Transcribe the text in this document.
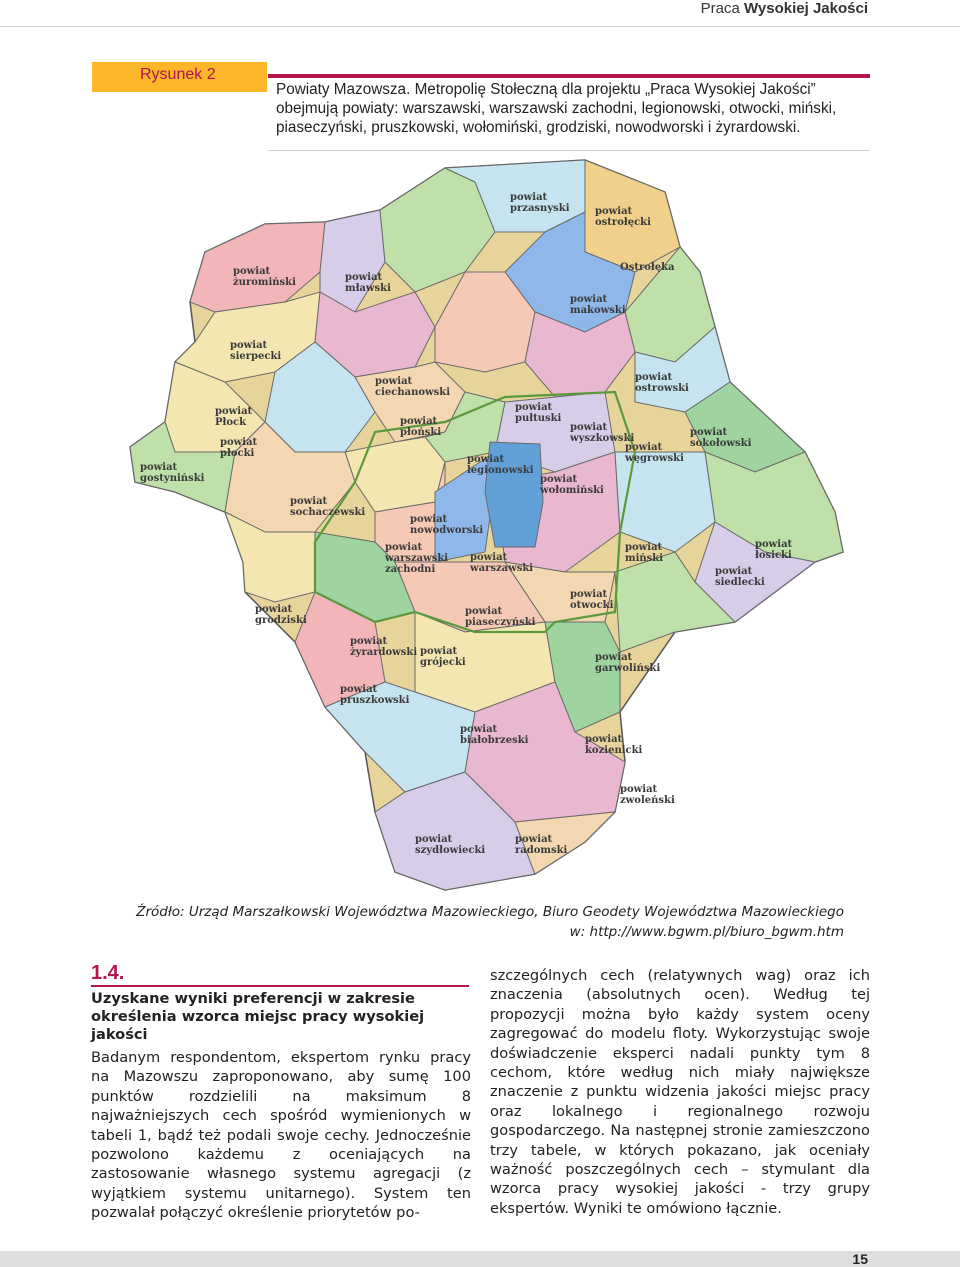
Praca Wysokiej Jakości
Rysunek 2
Powiaty Mazowsza. Metropolię Stołeczną dla projektu „Praca Wysokiej Jakości” obejmują powiaty: warszawski, warszawski zachodni, legionowski, otwocki, miński, piaseczyński, pruszkowski, wołomiński, grodziski, nowodworski i żyrardowski.
powiat żuromiński	powiat mławski
powiat przasnyski	powiat ostrołęcki
Ostrołęka
powiat makowski
powiat sierpecki
powiat ciechanowski
powiat ostrowski
powiat płoński
powiat pułtuski
powiat wyszkowski
powiat Płock
powiat płocki
powiat gostyniński
powiat sokołowski
powiat węgrowski
powiat legionowski
powiat wołomiński
powiat nowodworski
powiat sochaczewski
powiat warszawski zachodni
powiat warszawski
powiat miński
powiat siedlecki
powiat łosicki
powiat grodziski
powiat otwocki
powiat piaseczyński
powiat żyrardowski
powiat pruszkowski
powiat garwoliński
powiat grójecki
powiat białobrzeski	powiat kozienicki
powiat zwoleński
powiat radomski
powiat szydłowiecki
Źródło: Urząd Marszałkowski Województwa Mazowieckiego, Biuro Geodety Województwa Mazowieckiego
w: http://www.bgwm.pl/biuro_bgwm.htm
1.4.
Uzyskane wyniki preferencji w zakresie określenia wzorca miejsc pracy wysokiej jakości
Badanym respondentom, ekspertom rynku pracy na Mazowszu zaproponowano, aby sumę 100 punktów rozdzielili na maksimum 8 najważniejszych cech spośród wymienionych w tabeli 1, bądź też podali swoje cechy. Jednocześnie pozwolono każdemu z oceniających na zastosowanie własnego systemu agregacji (z wyjątkiem systemu unitarnego). System ten pozwalał połączyć określenie priorytetów po-
szczególnych cech (relatywnych wag) oraz ich znaczenia (absolutnych ocen). Według tej propozycji można było każdy system oceny zagregować do modelu floty. Wykorzystując swoje doświadczenie eksperci nadali punkty tym 8 cechom, które według nich miały największe znaczenie z punktu widzenia jakości miejsc pracy oraz lokalnego i regionalnego rozwoju gospodarczego. Na następnej stronie zamieszczono trzy tabele, w których pokazano, jak oceniały ważność poszczególnych cech – stymulant dla wzorca pracy wysokiej jakości - trzy grupy ekspertów. Wyniki te omówiono łącznie.
15
